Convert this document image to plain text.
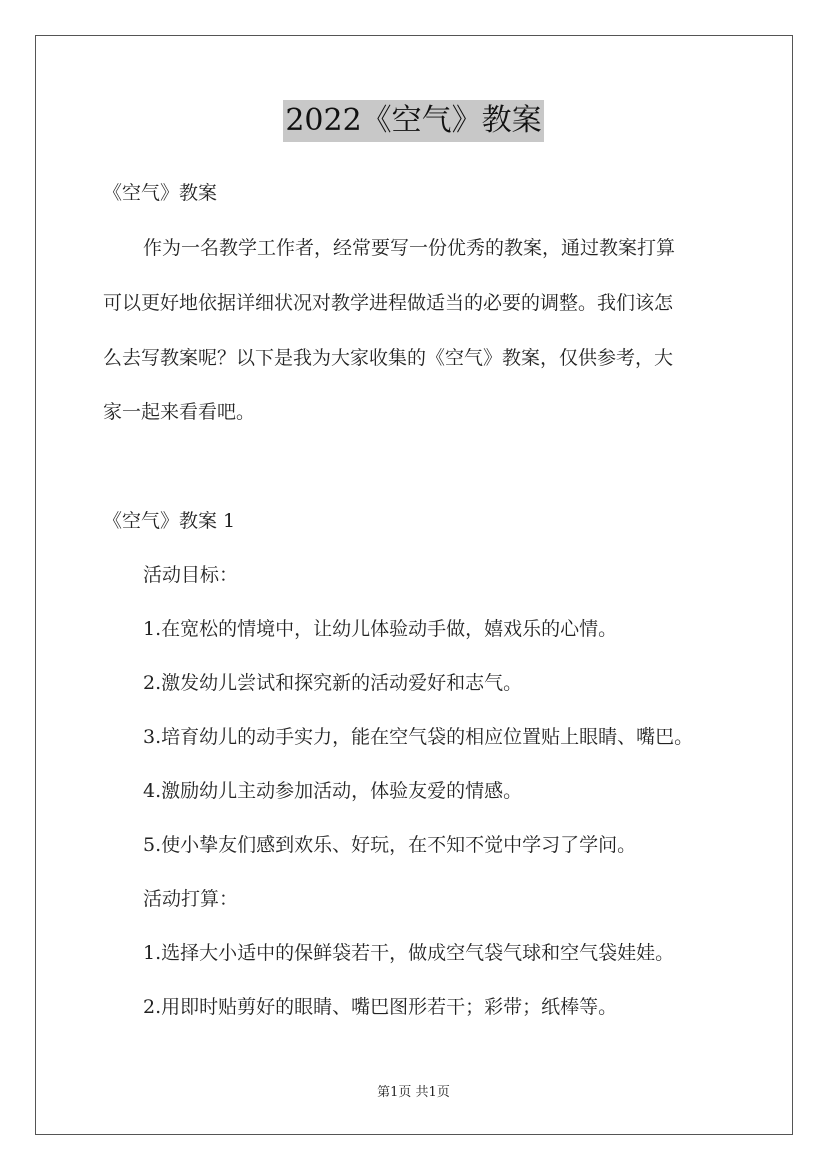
2022《空气》教案
《空气》教案
作为一名教学工作者，经常要写一份优秀的教案，通过教案打算
可以更好地依据详细状况对教学进程做适当的必要的调整。我们该怎
么去写教案呢？以下是我为大家收集的《空气》教案，仅供参考，大
家一起来看看吧。
《空气》教案 1
活动目标：
1.在宽松的情境中，让幼儿体验动手做，嬉戏乐的心情。
2.激发幼儿尝试和探究新的活动爱好和志气。
3.培育幼儿的动手实力，能在空气袋的相应位置贴上眼睛、嘴巴。
4.激励幼儿主动参加活动，体验友爱的情感。
5.使小挚友们感到欢乐、好玩，在不知不觉中学习了学问。
活动打算：
1.选择大小适中的保鲜袋若干，做成空气袋气球和空气袋娃娃。
2.用即时贴剪好的眼睛、嘴巴图形若干；彩带；纸棒等。
第1页 共1页
